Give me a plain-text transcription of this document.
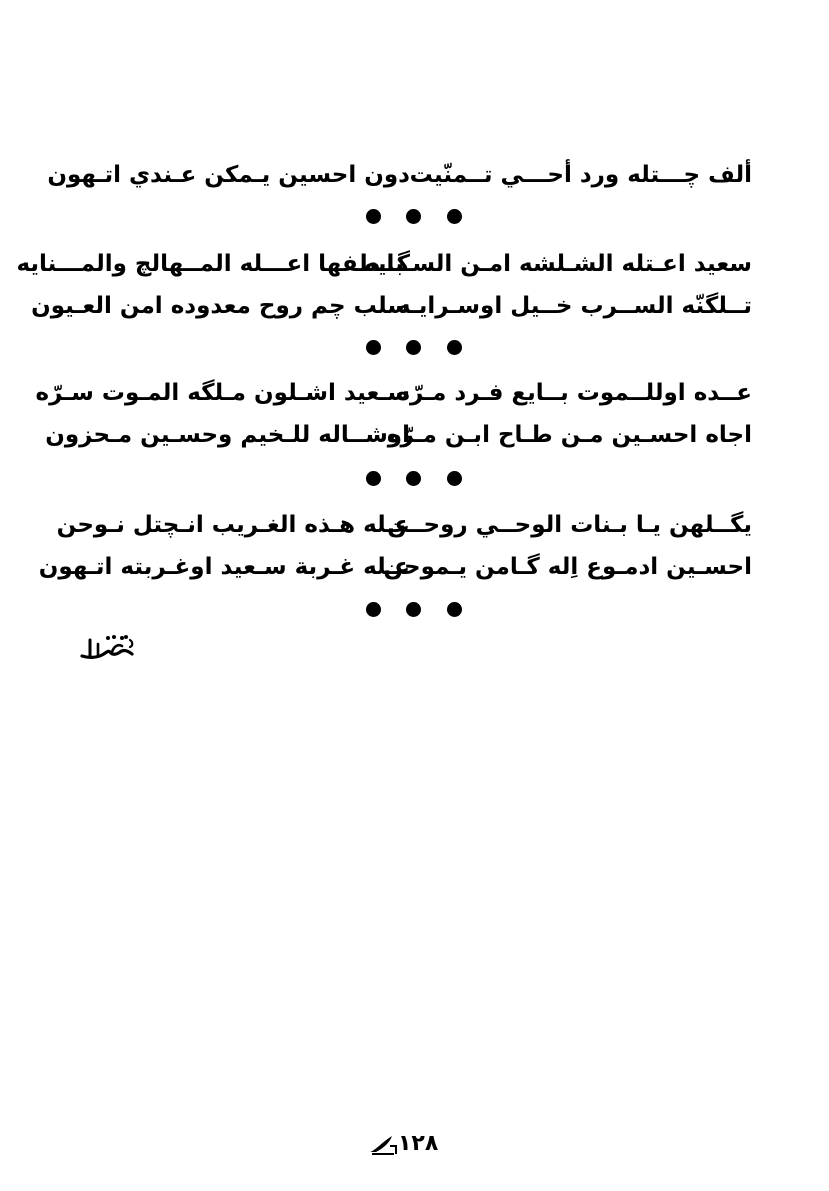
ألف چـــتله ورد أحـــي تــمنّيت
دون احسين يـمكن عـندي اتـهون
سعيد اعـتله الشـلشه امـن السـبايه
گــطفها اعـــله المــهالچ والمـــنايه
تــلگنّه الســرب خــيل اوسـرايـه
سلب چم روح معدوده امن العـيون
عــده اوللــموت بــايع فـرد مـرّه
سـعيد اشـلون مـلگه المـوت سـرّه
اجاه احسـين مـن طـاح ابـن مـرّه
اوشــاله للـخيم وحسـين مـحزون
يگــلهن يـا بـنات الوحــي روحــن
عـله هـذه الغـريب انـچتل نـوحن
احسـين ادمـوع اِله گـامن يـموحن
عـله غـربة سـعيد اوغـربته اتـهون
١٢٨
